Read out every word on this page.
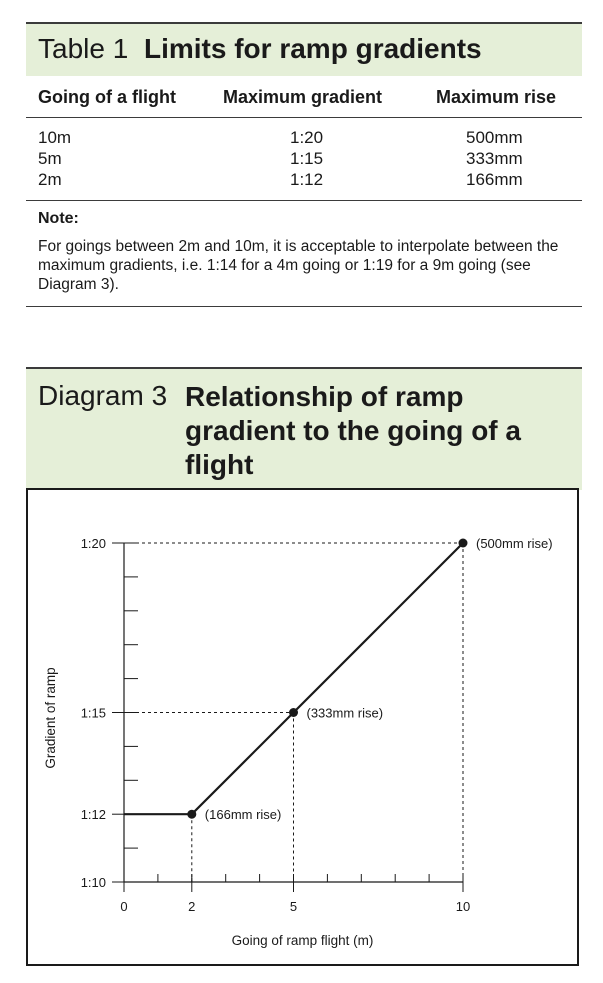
Table 1 Limits for ramp gradients
Going of a flight	Maximum gradient	Maximum rise
10m	1:20	500mm
5m	1:15	333mm
2m	1:12	166mm
Note:
For goings between 2m and 10m, it is acceptable to interpolate between the maximum gradients, i.e. 1:14 for a 4m going or 1:19 for a 9m going (see Diagram 3).
Diagram 3 Relationship of ramp gradient to the going of a flight
0	2	5	10
1:10
1:12
1:15
1:20
Going of ramp flight (m)
Gradient of ramp
(166mm rise)
(333mm rise)
(500mm rise)
